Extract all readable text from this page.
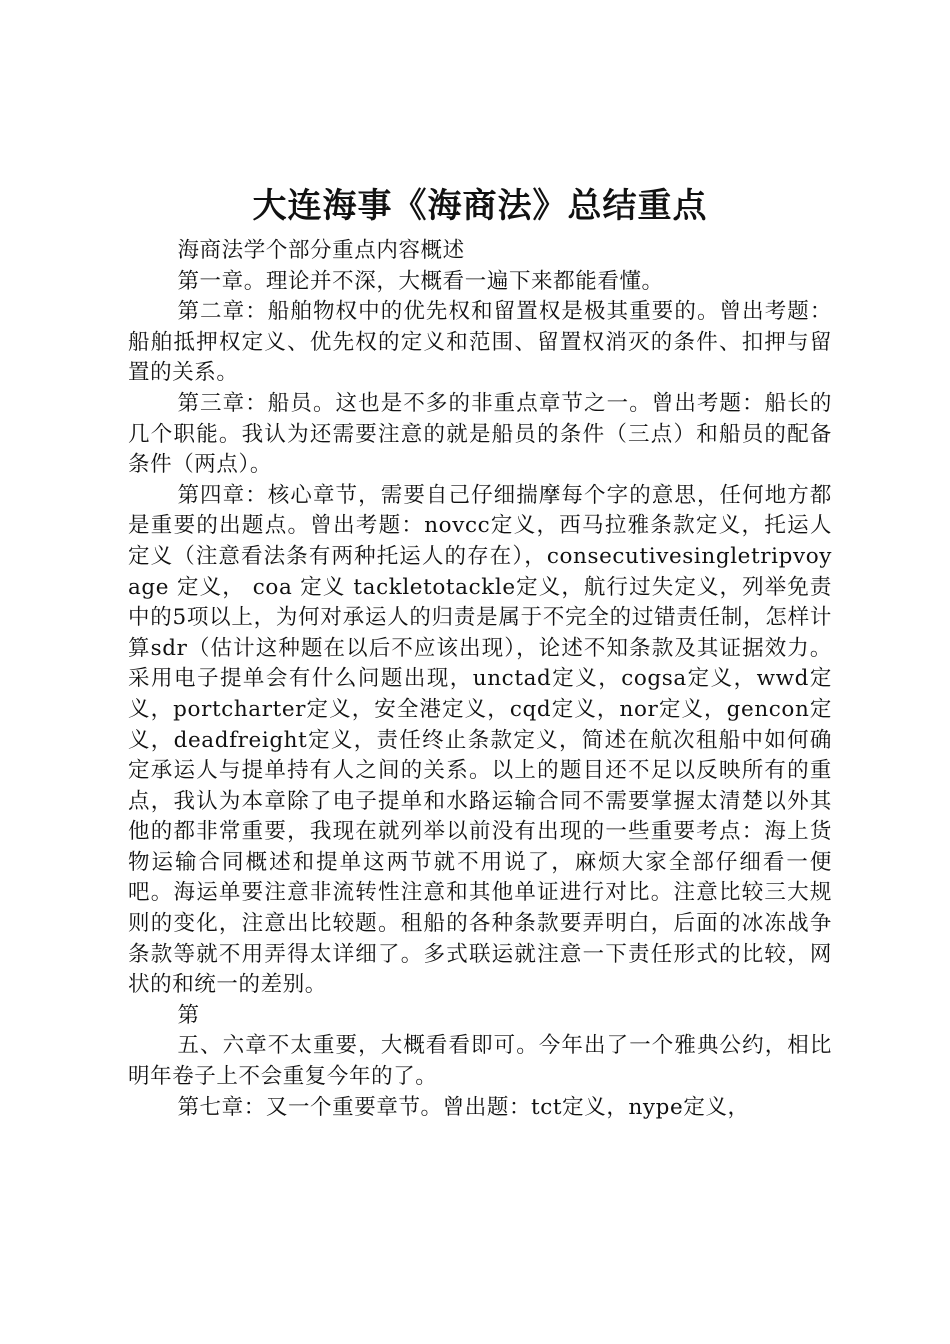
大连海事《海商法》总结重点

海商法学个部分重点内容概述

第一章。理论并不深，大概看一遍下来都能看懂。

第二章：船舶物权中的优先权和留置权是极其重要的。曾出考题：船舶抵押权定义、优先权的定义和范围、留置权消灭的条件、扣押与留置的关系。

第三章：船员。这也是不多的非重点章节之一。曾出考题：船长的几个职能。我认为还需要注意的就是船员的条件（三点）和船员的配备条件（两点）。

第四章：核心章节，需要自己仔细揣摩每个字的意思，任何地方都是重要的出题点。曾出考题：novcc定义，西马拉雅条款定义，托运人定义（注意看法条有两种托运人的存在），consecutivesingletripvoyage 定义， coa 定义 tackletotackle定义，航行过失定义，列举免责中的5项以上，为何对承运人的归责是属于不完全的过错责任制，怎样计算sdr（估计这种题在以后不应该出现），论述不知条款及其证据效力。采用电子提单会有什么问题出现，unctad定义，cogsa定义，wwd定义，portcharter定义，安全港定义，cqd定义，nor定义，gencon定义，deadfreight定义，责任终止条款定义，简述在航次租船中如何确定承运人与提单持有人之间的关系。以上的题目还不足以反映所有的重点，我认为本章除了电子提单和水路运输合同不需要掌握太清楚以外其他的都非常重要，我现在就列举以前没有出现的一些重要考点：海上货物运输合同概述和提单这两节就不用说了，麻烦大家全部仔细看一便吧。海运单要注意非流转性注意和其他单证进行对比。注意比较三大规则的变化，注意出比较题。租船的各种条款要弄明白，后面的冰冻战争条款等就不用弄得太详细了。多式联运就注意一下责任形式的比较，网状的和统一的差别。

第

五、六章不太重要，大概看看即可。今年出了一个雅典公约，相比明年卷子上不会重复今年的了。

第七章：又一个重要章节。曾出题：tct定义，nype定义，
